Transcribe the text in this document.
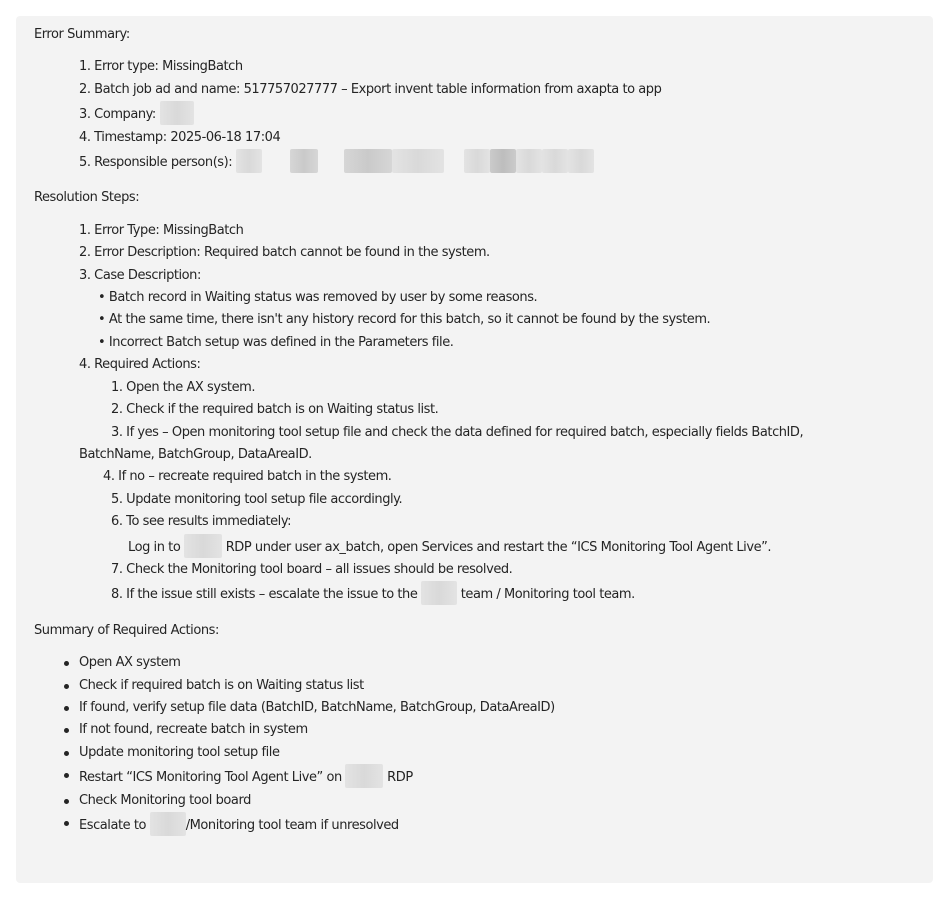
Error Summary:
1. Error type: MissingBatch
2. Batch job ad and name: 517757027777 – Export invent table information from axapta to app
3. Company:
4. Timestamp: 2025-06-18 17:04
5. Responsible person(s):
Resolution Steps:
1. Error Type: MissingBatch
2. Error Description: Required batch cannot be found in the system.
3. Case Description:
• Batch record in Waiting status was removed by user by some reasons.
• At the same time, there isn't any history record for this batch, so it cannot be found by the system.
• Incorrect Batch setup was defined in the Parameters file.
4. Required Actions:
1. Open the AX system.
2. Check if the required batch is on Waiting status list.
3. If yes – Open monitoring tool setup file and check the data defined for required batch, especially fields BatchID,
BatchName, BatchGroup, DataAreaID.
4. If no – recreate required batch in the system.
5. Update monitoring tool setup file accordingly.
6. To see results immediately:
Log in to	RDP under user ax_batch, open Services and restart the “ICS Monitoring Tool Agent Live”.
7. Check the Monitoring tool board – all issues should be resolved.
8. If the issue still exists – escalate the issue to the	team / Monitoring tool team.
Summary of Required Actions:
Open AX system
Check if required batch is on Waiting status list
If found, verify setup file data (BatchID, BatchName, BatchGroup, DataAreaID)
If not found, recreate batch in system
Update monitoring tool setup file
Restart “ICS Monitoring Tool Agent Live” on	RDP
Check Monitoring tool board
Escalate to	/Monitoring tool team if unresolved
